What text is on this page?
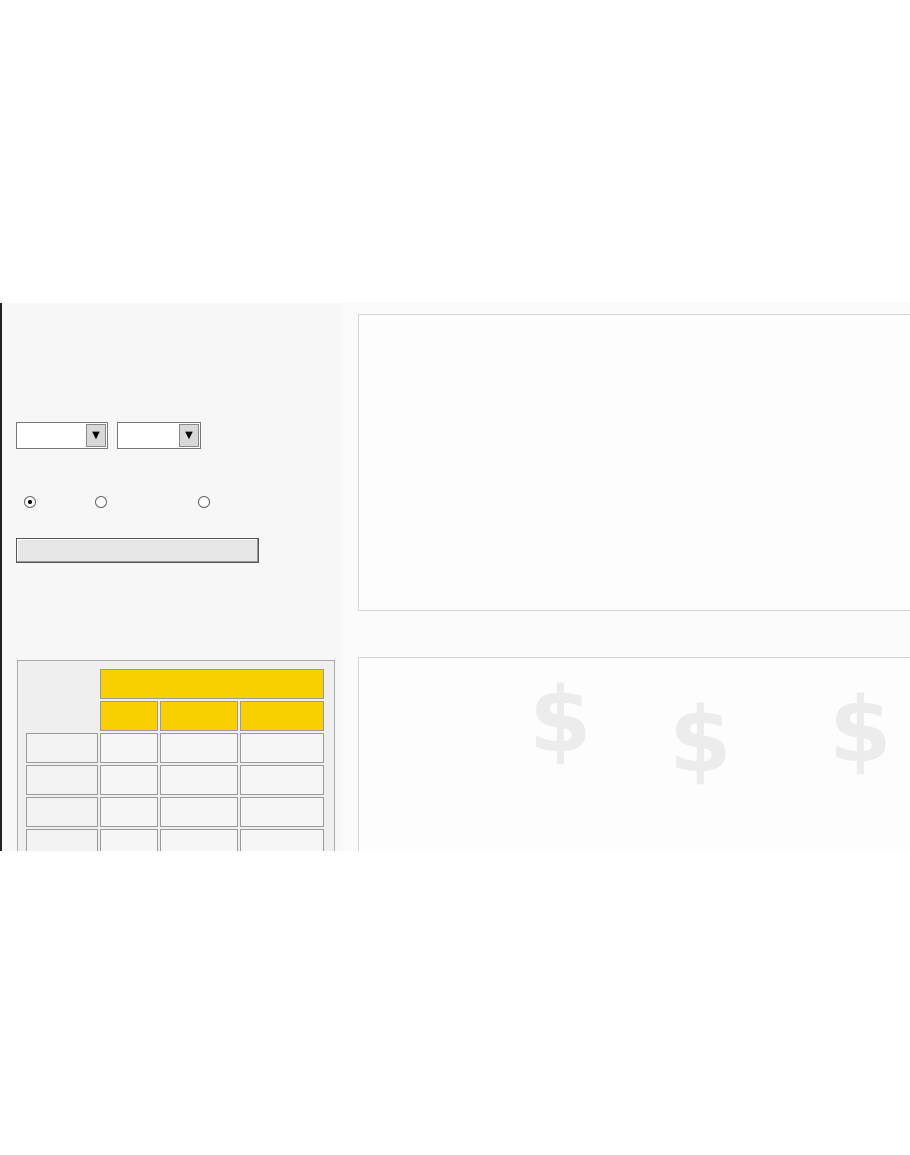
▼	▼
$ $ $
